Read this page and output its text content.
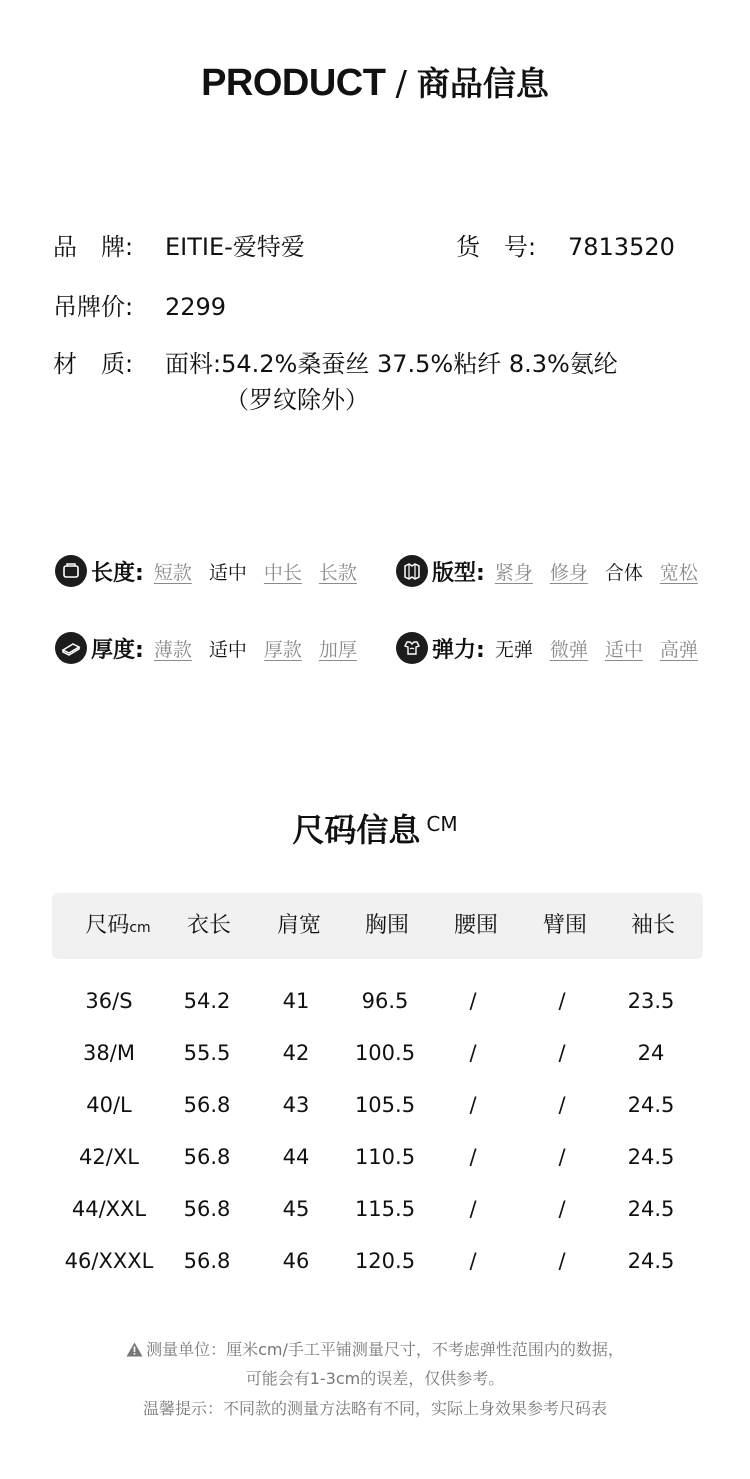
PRODUCT / 商品信息
品　牌: EITIE-爱特爱	货　号: 7813520
吊牌价: 2299
材　质: 面料:54.2%桑蚕丝 37.5%粘纤 8.3%氨纶
（罗纹除外）
长度: 短款 适中 中长 长款	版型: 紧身 修身 合体 宽松
厚度: 薄款 适中 厚款 加厚	弹力: 无弹 微弹 适中 高弹
尺码信息 CM
尺码cm 衣长 肩宽 胸围 腰围 臂围 袖长
36/S 54.2 41 96.5	/	/	23.5
38/M 55.5 42 100.5	/	/	24
40/L 56.8 43 105.5	/	/	24.5
42/XL 56.8 44 110.5	/	/	24.5
44/XXL 56.8 45 115.5	/	/	24.5
46/XXXL 56.8 46 120.5	/	/	24.5
测量单位：厘米cm/手工平铺测量尺寸，不考虑弹性范围内的数据，
可能会有1-3cm的误差，仅供参考。
温馨提示：不同款的测量方法略有不同，实际上身效果参考尺码表
